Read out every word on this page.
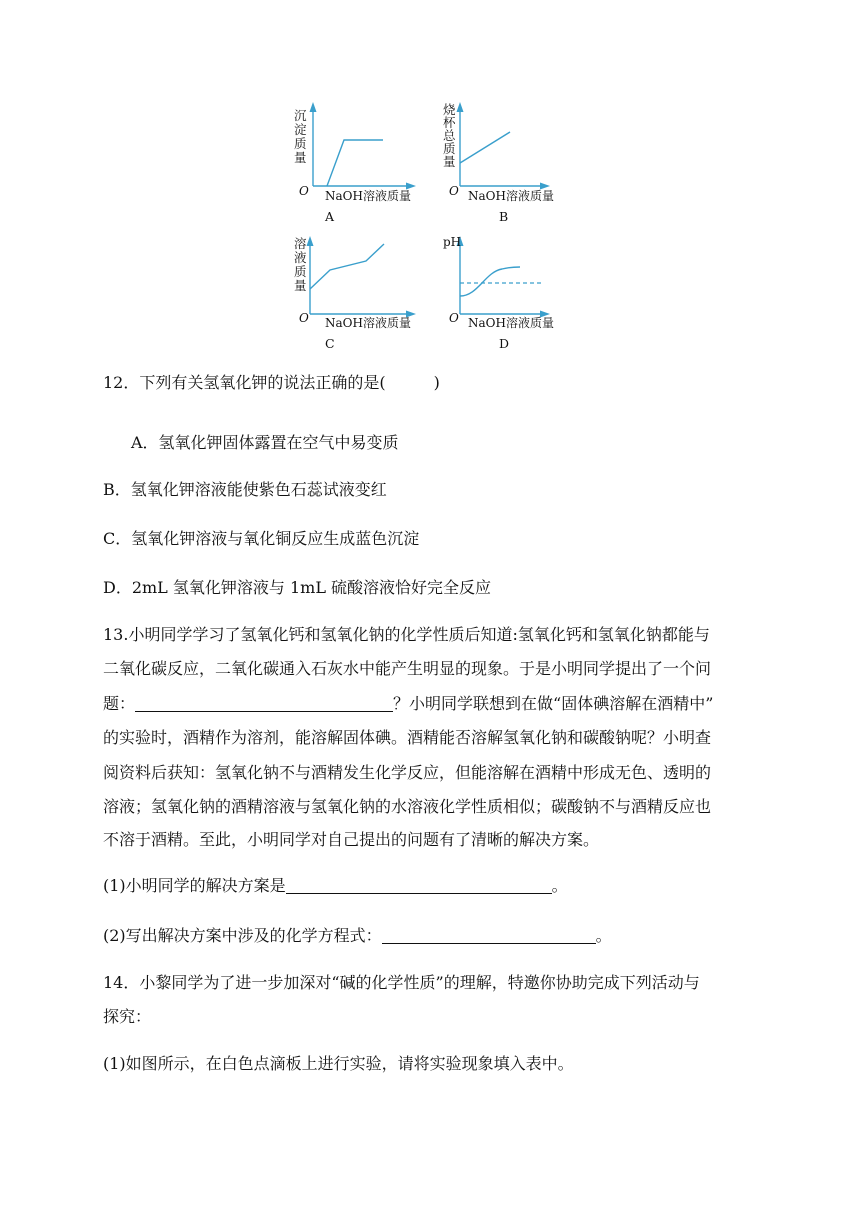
沉 淀 质 量
O NaOH溶液质量
A
烧 杯 总 质 量
O NaOH溶液质量
B
溶 液 质 量
O NaOH溶液质量
C
pH
O NaOH溶液质量
D

12．下列有关氢氧化钾的说法正确的是(　　　)

A．氢氧化钾固体露置在空气中易变质

B．氢氧化钾溶液能使紫色石蕊试液变红

C．氢氧化钾溶液与氧化铜反应生成蓝色沉淀

D．2mL 氢氧化钾溶液与 1mL 硫酸溶液恰好完全反应

13.小明同学学习了氢氧化钙和氢氧化钠的化学性质后知道:氢氧化钙和氢氧化钠都能与

二氧化碳反应，二氧化碳通入石灰水中能产生明显的现象。于是小明同学提出了一个问

题：	？小明同学联想到在做“固体碘溶解在酒精中”

的实验时，酒精作为溶剂，能溶解固体碘。酒精能否溶解氢氧化钠和碳酸钠呢？小明查

阅资料后获知：氢氧化钠不与酒精发生化学反应，但能溶解在酒精中形成无色、透明的

溶液；氢氧化钠的酒精溶液与氢氧化钠的水溶液化学性质相似；碳酸钠不与酒精反应也

不溶于酒精。至此，小明同学对自己提出的问题有了清晰的解决方案。

(1)小明同学的解决方案是	。

(2)写出解决方案中涉及的化学方程式：	。

14．小黎同学为了进一步加深对“碱的化学性质”的理解，特邀你协助完成下列活动与

探究：

(1)如图所示，在白色点滴板上进行实验，请将实验现象填入表中。
